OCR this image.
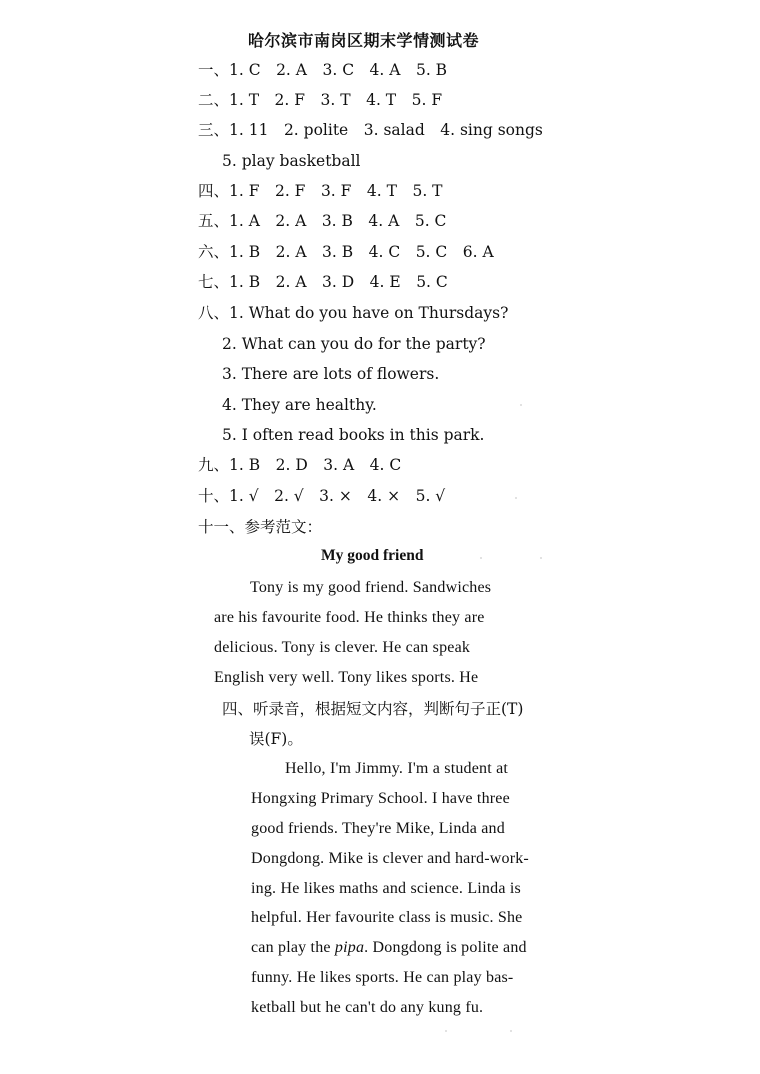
哈尔滨市南岗区期末学情测试卷
一、1. C　2. A　3. C　4. A　5. B
二、1. T　2. F　3. T　4. T　5. F
三、1. 11　2. polite　3. salad　4. sing songs
5. play basketball
四、1. F　2. F　3. F　4. T　5. T
五、1. A　2. A　3. B　4. A　5. C
六、1. B　2. A　3. B　4. C　5. C　6. A
七、1. B　2. A　3. D　4. E　5. C
八、1. What do you have on Thursdays?
2. What can you do for the party?
3. There are lots of flowers.
4. They are healthy.
5. I often read books in this park.
九、1. B　2. D　3. A　4. C
十、1. √　2. √　3. ×　4. ×　5. √
十一、参考范文：
My good friend
Tony is my good friend. Sandwiches
are his favourite food. He thinks they are
delicious. Tony is clever. He can speak
English very well. Tony likes sports. He
四、听录音，根据短文内容，判断句子正(T)
误(F)。
Hello, I'm Jimmy. I'm a student at
Hongxing Primary School. I have three
good friends. They're Mike, Linda and
Dongdong. Mike is clever and hard-work-
ing. He likes maths and science. Linda is
helpful. Her favourite class is music. She
can play the pipa. Dongdong is polite and
funny. He likes sports. He can play bas-
ketball but he can't do any kung fu.
